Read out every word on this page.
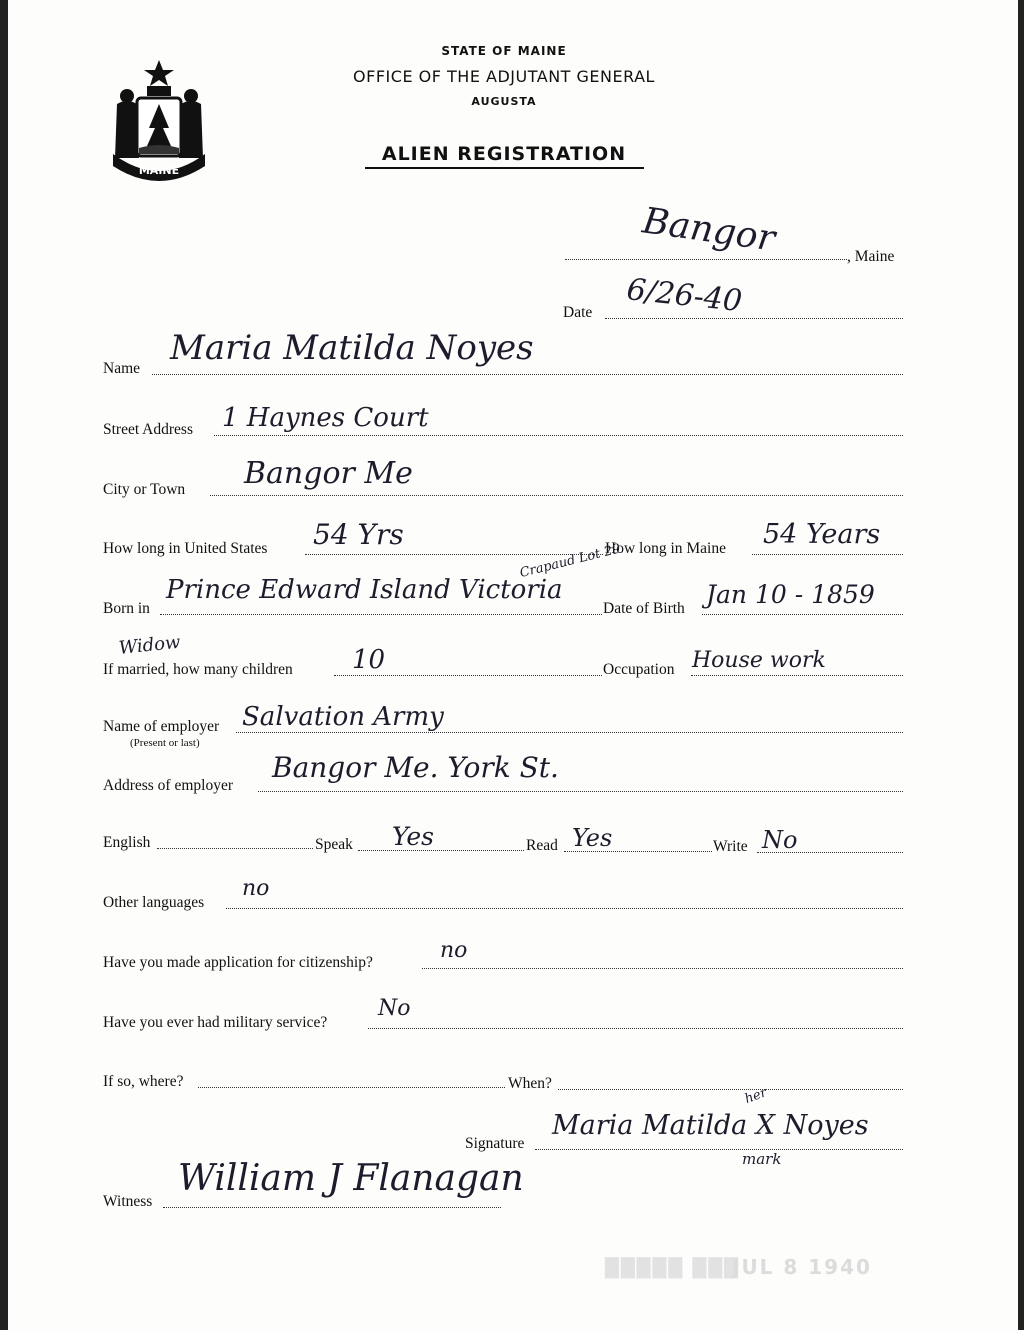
MAINE
STATE OF MAINE
OFFICE OF THE ADJUTANT GENERAL
AUGUSTA
ALIEN REGISTRATION
, Maine
Bangor
Date 6/26-40
Name
Maria Matilda Noyes
Street Address 1 Haynes Court
City or Town Bangor Me
How long in United States 54 Yrs	How long in Maine 54 Years
Born in
Prince Edward Island Victoria
Crapaud Lot 29
Date of Birth Jan 10 - 1859
Widow
If married, how many children 10	Occupation House work
Name of employer
(Present or last)
Salvation Army
Address of employer
Bangor Me. York St.
English	Speak Yes	Read Yes	Write No
Other languages
no
Have you made application for citizenship?	no
Have you ever had military service?
No
If so, where?	When?
Signature
her
Maria Matilda X Noyes
mark
Witness
William J Flanagan
█████ ███
JUL 8 1940
